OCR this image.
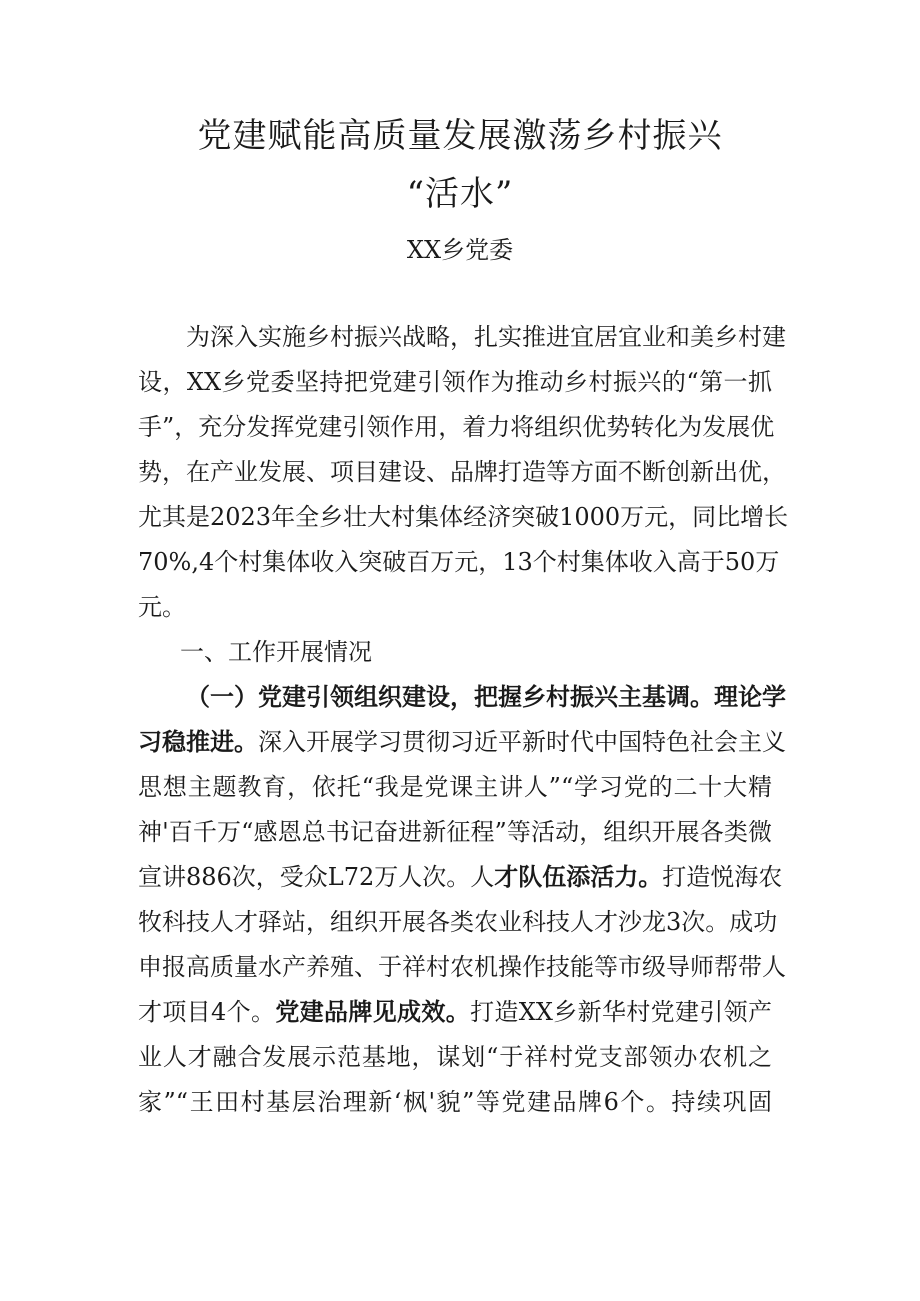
党建赋能高质量发展激荡乡村振兴
“活水”
XX乡党委
为深入实施乡村振兴战略，扎实推进宜居宜业和美乡村建
设，XX乡党委坚持把党建引领作为推动乡村振兴的“第一抓
手”，充分发挥党建引领作用，着力将组织优势转化为发展优
势，在产业发展、项目建设、品牌打造等方面不断创新出优，
尤其是2023年全乡壮大村集体经济突破1000万元，同比增长
70%,4个村集体收入突破百万元，13个村集体收入高于50万
元。
一、工作开展情况
（一）党建引领组织建设，把握乡村振兴主基调。理论学
习稳推进。深入开展学习贯彻习近平新时代中国特色社会主义
思想主题教育，依托“我是党课主讲人”“学习党的二十大精
神'百千万“感恩总书记奋进新征程”等活动，组织开展各类微
宣讲886次，受众L72万人次。人才队伍添活力。打造悦海农
牧科技人才驿站，组织开展各类农业科技人才沙龙3次。成功
申报高质量水产养殖、于祥村农机操作技能等市级导师帮带人
才项目4个。党建品牌见成效。打造XX乡新华村党建引领产
业人才融合发展示范基地，谋划“于祥村党支部领办农机之
家”“王田村基层治理新‘枫'貌”等党建品牌6个。持续巩固
